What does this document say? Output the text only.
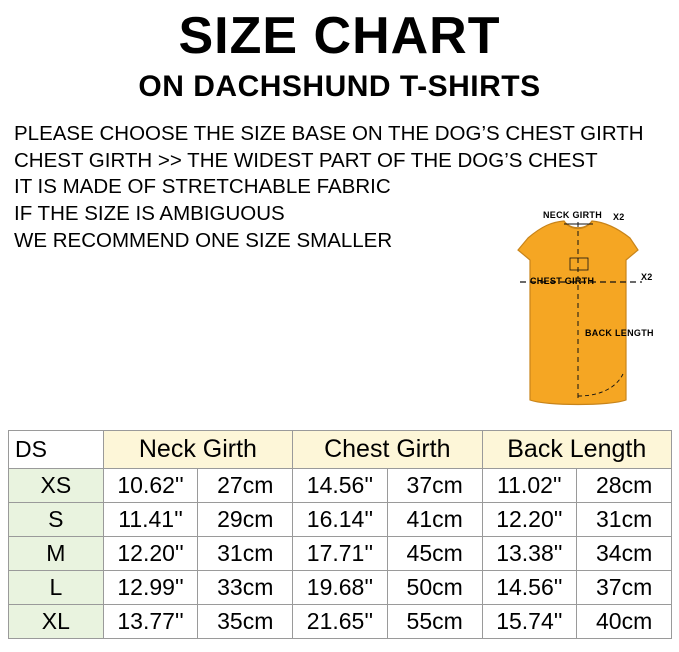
SIZE CHART
ON DACHSHUND T-SHIRTS
PLEASE CHOOSE THE SIZE BASE ON THE DOG’S CHEST GIRTH
CHEST GIRTH >> THE WIDEST PART OF THE DOG’S CHEST
IT IS MADE OF STRETCHABLE FABRIC
IF THE SIZE IS AMBIGUOUS
WE RECOMMEND ONE SIZE SMALLER
NECK GIRTH X2
CHEST GIRTH	X2
BACK LENGTH
DS	Neck Girth		Chest Girth		Back Length	
XS	10.62''	27cm	14.56''	37cm	11.02''	28cm
S	11.41''	29cm	16.14''	41cm	12.20''	31cm
M	12.20''	31cm	17.71''	45cm	13.38''	34cm
L	12.99''	33cm	19.68''	50cm	14.56''	37cm
XL	13.77''	35cm	21.65''	55cm	15.74''	40cm
